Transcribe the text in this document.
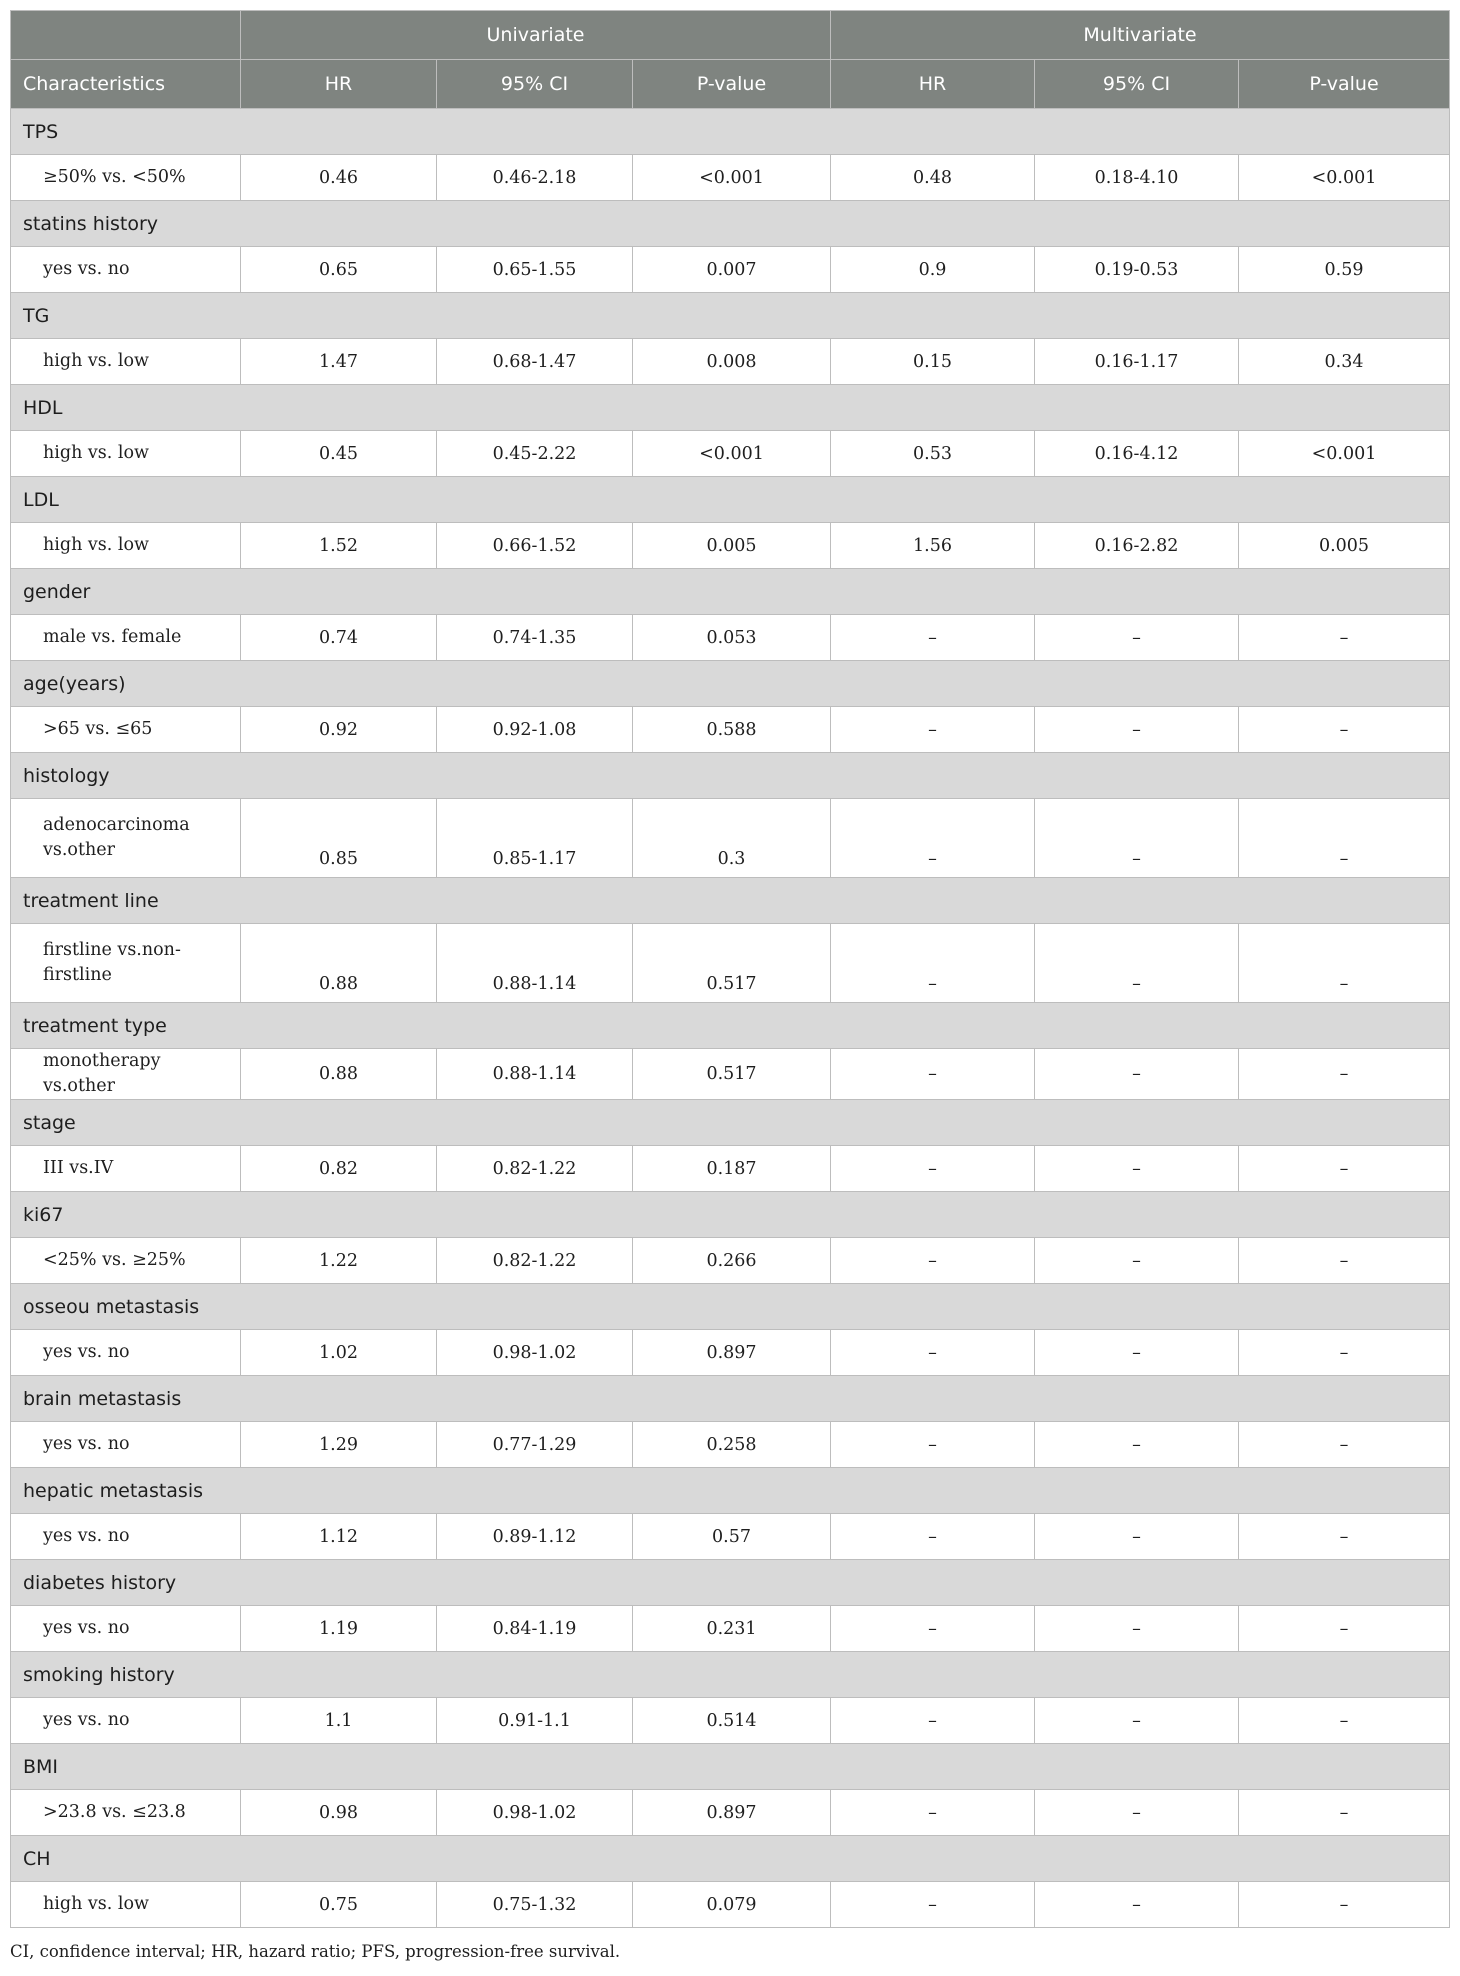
	Univariate			Multivariate		
Characteristics	HR	95% CI	P-value	HR	95% CI	P-value
TPS						
≥50% vs. <50%	0.46	0.46-2.18	<0.001	0.48	0.18-4.10	<0.001
statins history						
yes vs. no	0.65	0.65-1.55	0.007	0.9	0.19-0.53	0.59
TG						
high vs. low	1.47	0.68-1.47	0.008	0.15	0.16-1.17	0.34
HDL						
high vs. low	0.45	0.45-2.22	<0.001	0.53	0.16-4.12	<0.001
LDL						
high vs. low	1.52	0.66-1.52	0.005	1.56	0.16-2.82	0.005
gender						
male vs. female	0.74	0.74-1.35	0.053	–	–	–
age(years)						
>65 vs. ≤65	0.92	0.92-1.08	0.588	–	–	–
histology						
adenocarcinoma vs.other	0.85	0.85-1.17	0.3	–	–	–
treatment line						
firstline vs.non-firstline	0.88	0.88-1.14	0.517	–	–	–
treatment type						
monotherapy vs.other	0.88	0.88-1.14	0.517	–	–	–
stage						
III vs.IV	0.82	0.82-1.22	0.187	–	–	–
ki67						
<25% vs. ≥25%	1.22	0.82-1.22	0.266	–	–	–
osseou metastasis						
yes vs. no	1.02	0.98-1.02	0.897	–	–	–
brain metastasis						
yes vs. no	1.29	0.77-1.29	0.258	–	–	–
hepatic metastasis						
yes vs. no	1.12	0.89-1.12	0.57	–	–	–
diabetes history						
yes vs. no	1.19	0.84-1.19	0.231	–	–	–
smoking history						
yes vs. no	1.1	0.91-1.1	0.514	–	–	–
BMI						
>23.8 vs. ≤23.8	0.98	0.98-1.02	0.897	–	–	–
CH						
high vs. low	0.75	0.75-1.32	0.079	–	–	–
CI, confidence interval; HR, hazard ratio; PFS, progression-free survival.
